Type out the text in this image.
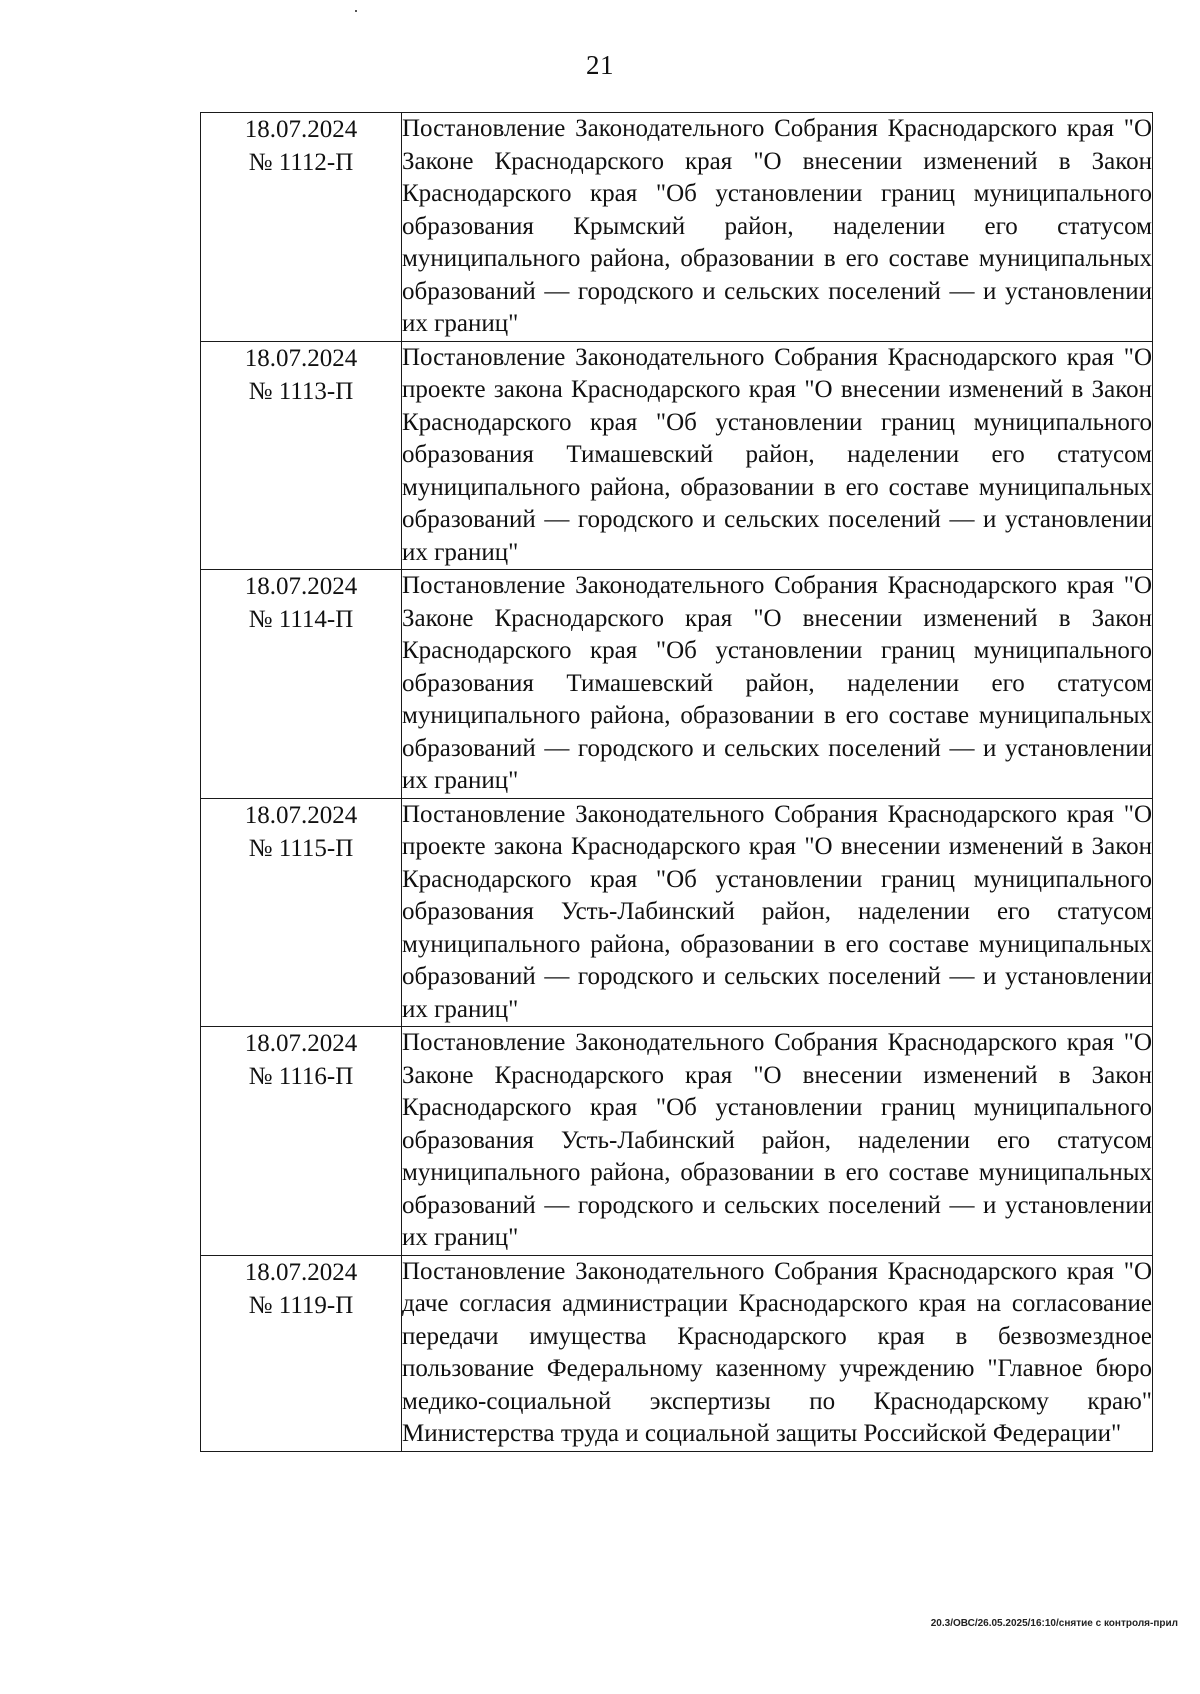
21
18.07.2024
№ 1112-П	Постановление Законодательного Собрания Краснодарского края "О Законе Краснодарского края "О внесении изменений в Закон Краснодарского края "Об установлении границ муниципального образования Крымский район, наделении его статусом муниципального района, образовании в его составе муниципальных образований — городского и сельских поселений — и установлении их границ"

18.07.2024
№ 1113-П	Постановление Законодательного Собрания Краснодарского края "О проекте закона Краснодарского края "О внесении изменений в Закон Краснодарского края "Об установлении границ муниципального образования Тимашевский район, наделении его статусом муниципального района, образовании в его составе муниципальных образований — городского и сельских поселений — и установлении их границ"

18.07.2024
№ 1114-П	Постановление Законодательного Собрания Краснодарского края "О Законе Краснодарского края "О внесении изменений в Закон Краснодарского края "Об установлении границ муниципального образования Тимашевский район, наделении его статусом муниципального района, образовании в его составе муниципальных образований — городского и сельских поселений — и установлении их границ"

18.07.2024
№ 1115-П	Постановление Законодательного Собрания Краснодарского края "О проекте закона Краснодарского края "О внесении изменений в Закон Краснодарского края "Об установлении границ муниципального образования Усть-Лабинский район, наделении его статусом муниципального района, образовании в его составе муниципальных образований — городского и сельских поселений — и установлении их границ"

18.07.2024
№ 1116-П	Постановление Законодательного Собрания Краснодарского края "О Законе Краснодарского края "О внесении изменений в Закон Краснодарского края "Об установлении границ муниципального образования Усть-Лабинский район, наделении его статусом муниципального района, образовании в его составе муниципальных образований — городского и сельских поселений — и установлении их границ"

18.07.2024
№ 1119-П	Постановление Законодательного Собрания Краснодарского края "О даче согласия администрации Краснодарского края на согласование передачи имущества Краснодарского края в безвозмездное пользование Федеральному казенному учреждению "Главное бюро медико-социальной экспертизы по Краснодарскому краю" Министерства труда и социальной защиты Российской Федерации"
20.3/ОВС/26.05.2025/16:10/снятие с контроля-прил
